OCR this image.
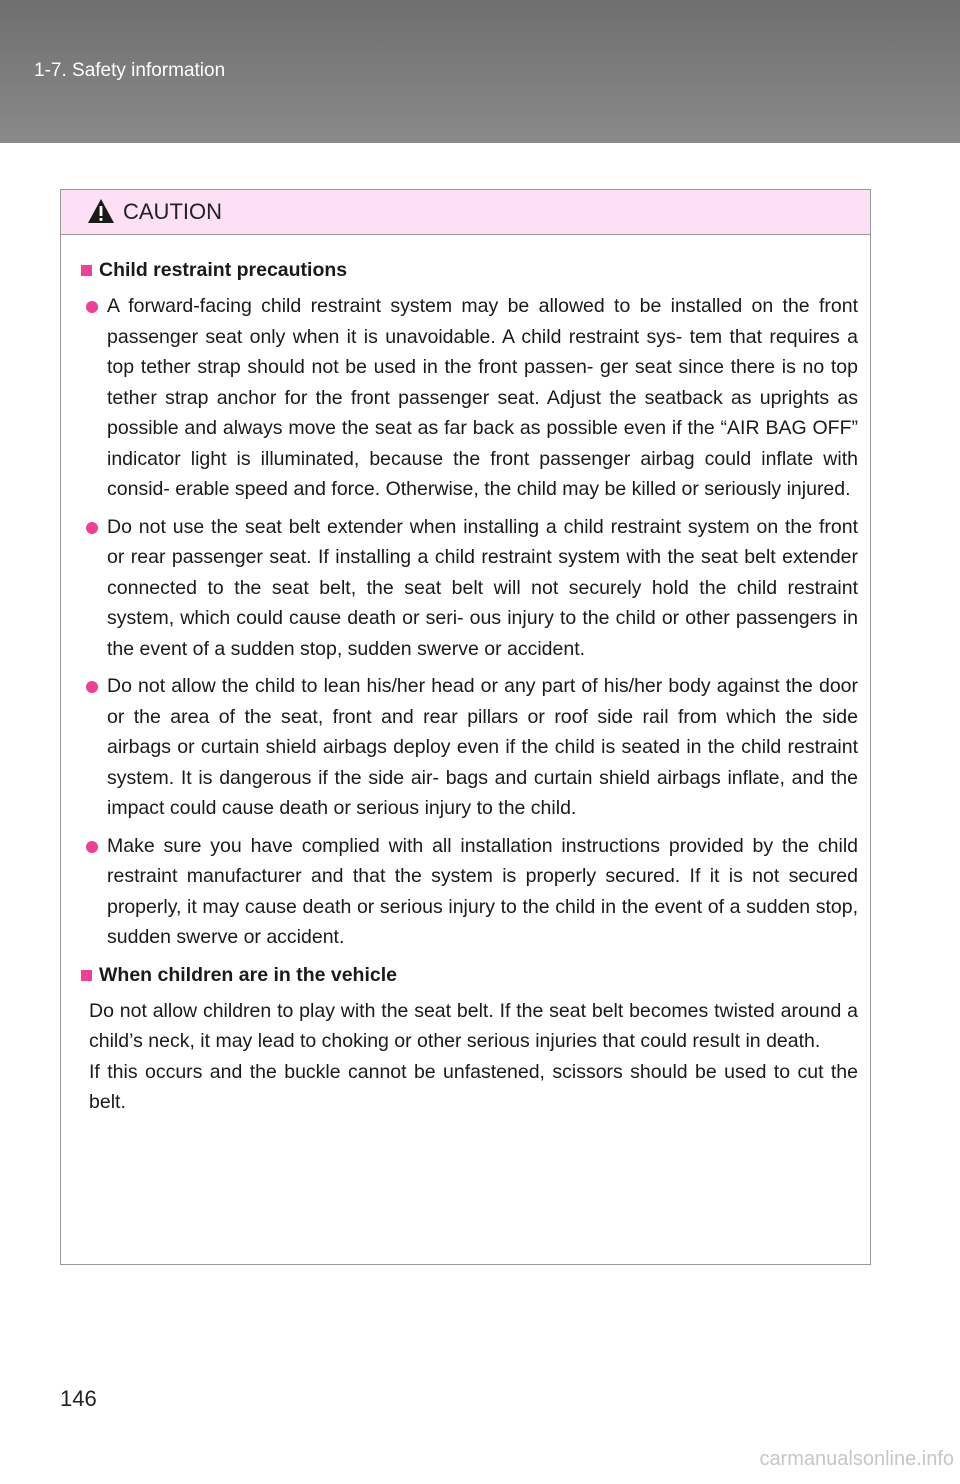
1-7. Safety information
CAUTION
Child restraint precautions
A forward-facing child restraint system may be allowed to be installed on the front passenger seat only when it is unavoidable. A child restraint sys- tem that requires a top tether strap should not be used in the front passen- ger seat since there is no top tether strap anchor for the front passenger seat. Adjust the seatback as uprights as possible and always move the seat as far back as possible even if the “AIR BAG OFF” indicator light is illuminated, because the front passenger airbag could inflate with consid- erable speed and force. Otherwise, the child may be killed or seriously injured.
Do not use the seat belt extender when installing a child restraint system on the front or rear passenger seat. If installing a child restraint system with the seat belt extender connected to the seat belt, the seat belt will not securely hold the child restraint system, which could cause death or seri- ous injury to the child or other passengers in the event of a sudden stop, sudden swerve or accident.
Do not allow the child to lean his/her head or any part of his/her body against the door or the area of the seat, front and rear pillars or roof side rail from which the side airbags or curtain shield airbags deploy even if the child is seated in the child restraint system. It is dangerous if the side air- bags and curtain shield airbags inflate, and the impact could cause death or serious injury to the child.
Make sure you have complied with all installation instructions provided by the child restraint manufacturer and that the system is properly secured. If it is not secured properly, it may cause death or serious injury to the child in the event of a sudden stop, sudden swerve or accident.
When children are in the vehicle
Do not allow children to play with the seat belt. If the seat belt becomes twisted around a child’s neck, it may lead to choking or other serious injuries that could result in death.
If this occurs and the buckle cannot be unfastened, scissors should be used to cut the belt.
146
carmanualsonline.info
